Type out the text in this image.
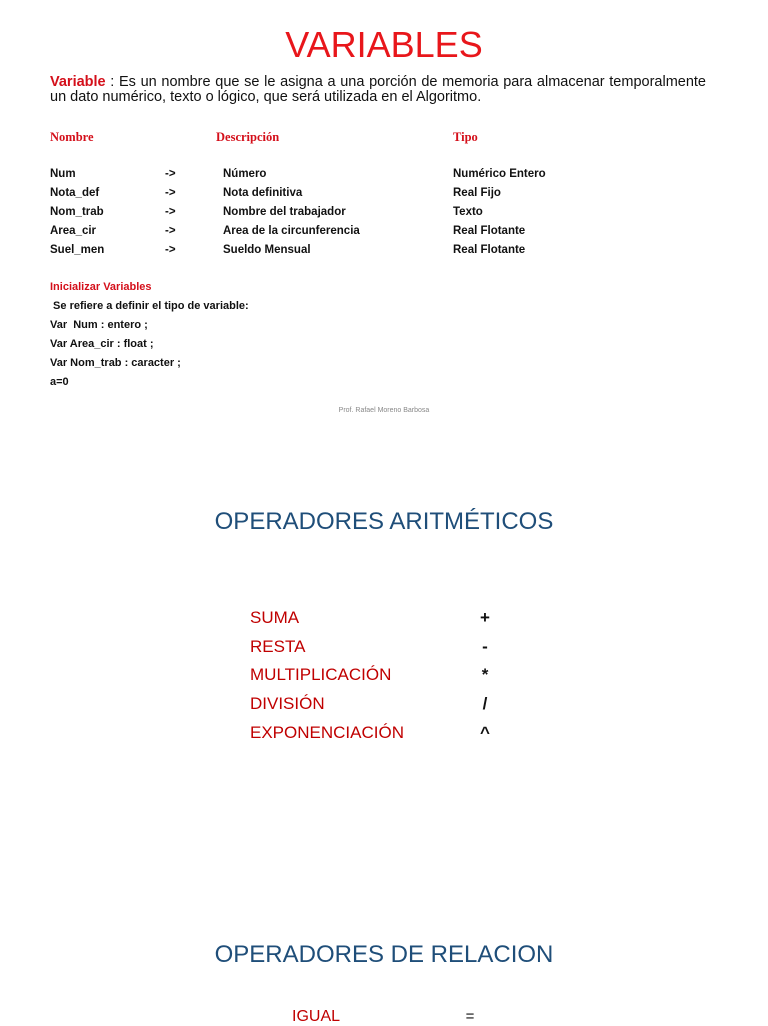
VARIABLES
Variable : Es un nombre que se le asigna a una porción de memoria para almacenar temporalmente un dato numérico, texto o lógico, que será utilizada en el Algoritmo.
Nombre	Descripción	Tipo
Num	->	Número	Numérico Entero
Nota_def	->	Nota definitiva	Real Fijo
Nom_trab	->	Nombre del trabajador	Texto
Area_cir	->	Area de la circunferencia	Real Flotante
Suel_men	->	Sueldo Mensual	Real Flotante
Inicializar Variables
Se refiere a definir el tipo de variable:
Var  Num : entero ;
Var Area_cir : float ;
Var Nom_trab : caracter ;
a=0
Prof. Rafael Moreno Barbosa
OPERADORES ARITMÉTICOS
SUMA	+
RESTA	-
MULTIPLICACIÓN	*
DIVISIÓN	/
EXPONENCIACIÓN	^
OPERADORES DE RELACION
IGUAL	=
